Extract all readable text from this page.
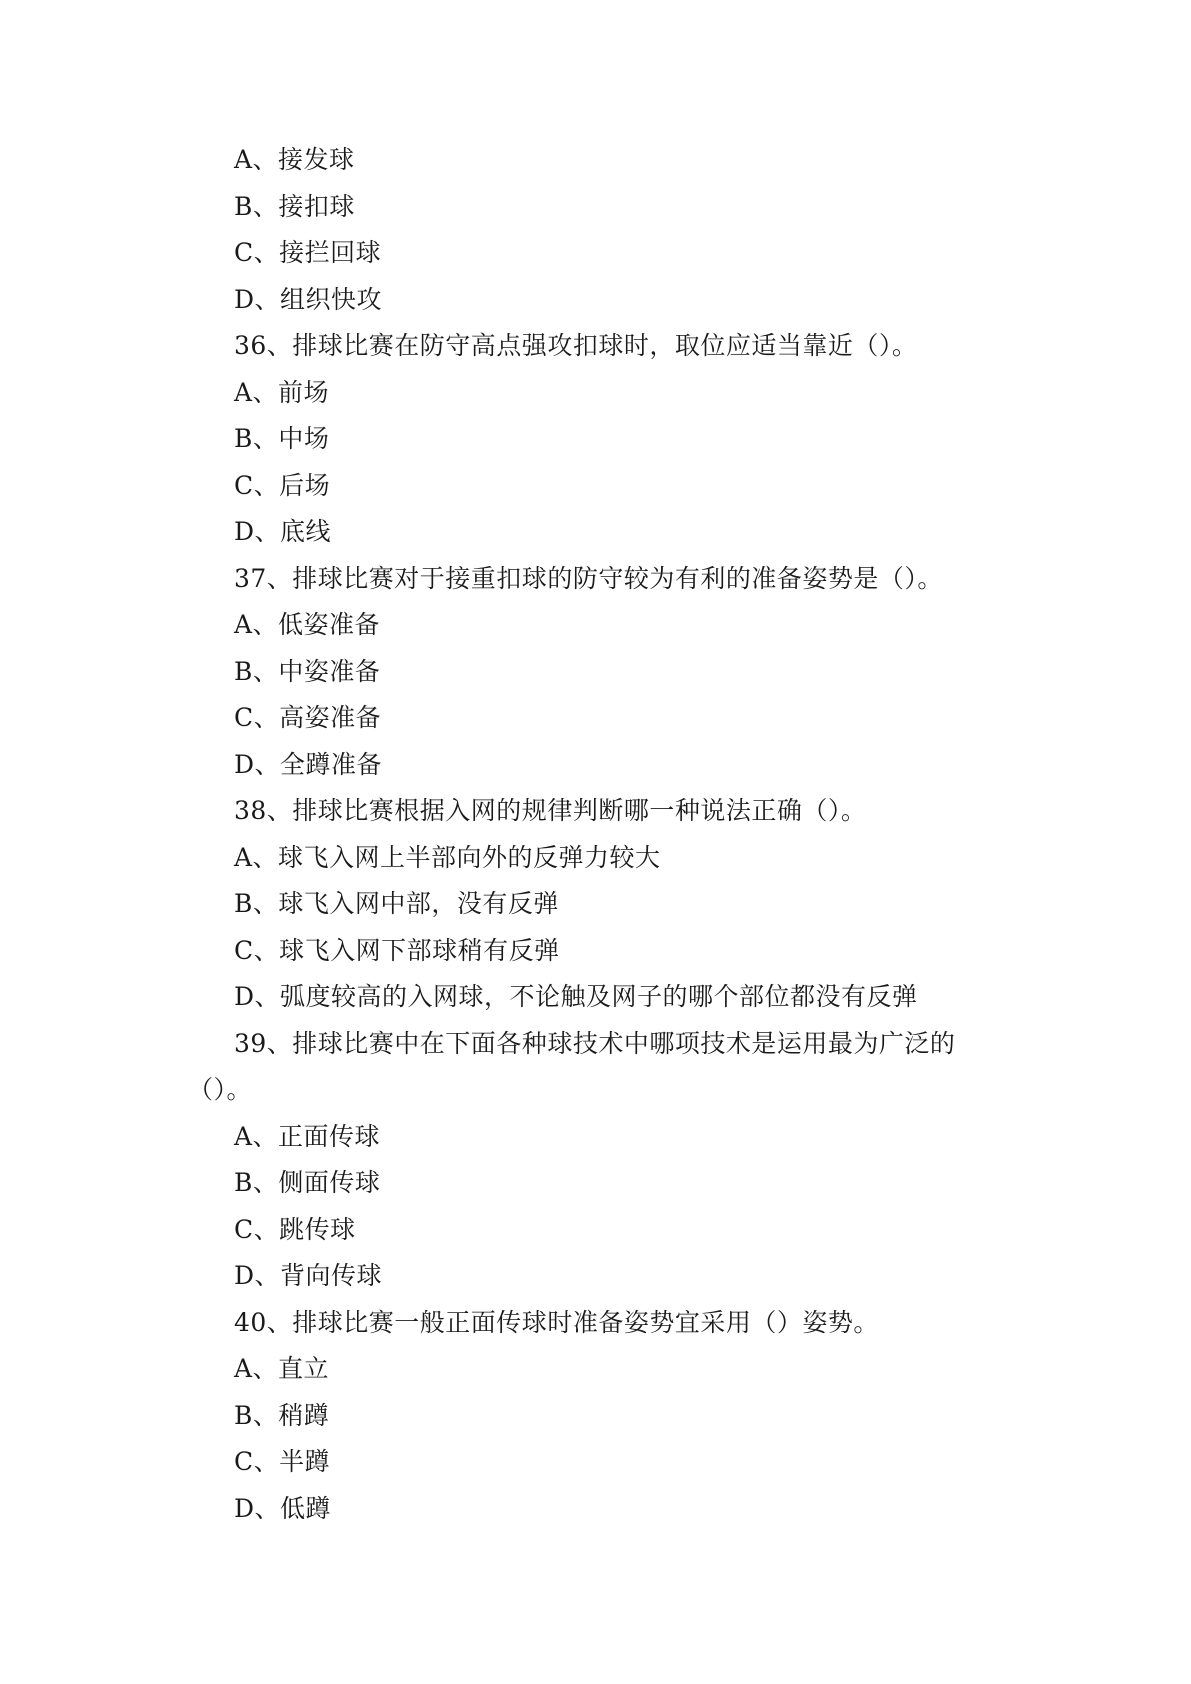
A、接发球
B、接扣球
C、接拦回球
D、组织快攻
36、排球比赛在防守高点强攻扣球时，取位应适当靠近（）。
A、前场
B、中场
C、后场
D、底线
37、排球比赛对于接重扣球的防守较为有利的准备姿势是（）。
A、低姿准备
B、中姿准备
C、高姿准备
D、全蹲准备
38、排球比赛根据入网的规律判断哪一种说法正确（）。
A、球飞入网上半部向外的反弹力较大
B、球飞入网中部，没有反弹
C、球飞入网下部球稍有反弹
D、弧度较高的入网球，不论触及网子的哪个部位都没有反弹
39、排球比赛中在下面各种球技术中哪项技术是运用最为广泛的
（）。
A、正面传球
B、侧面传球
C、跳传球
D、背向传球
40、排球比赛一般正面传球时准备姿势宜采用（）姿势。
A、直立
B、稍蹲
C、半蹲
D、低蹲
